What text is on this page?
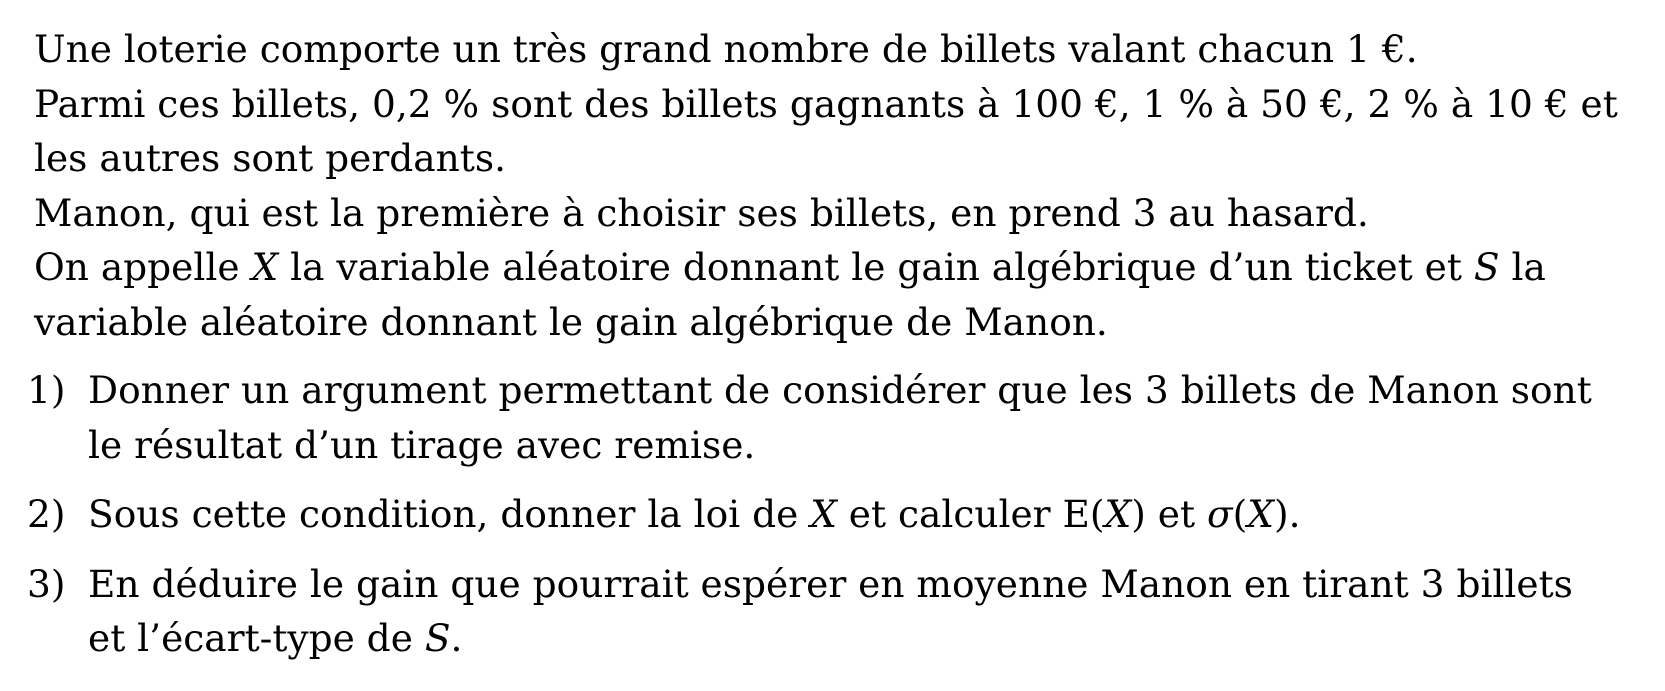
Une loterie comporte un très grand nombre de billets valant chacun 1 €.

Parmi ces billets, 0,2 % sont des billets gagnants à 100 €, 1 % à 50 €, 2 % à 10 € et

les autres sont perdants.

Manon, qui est la première à choisir ses billets, en prend 3 au hasard.

On appelle X la variable aléatoire donnant le gain algébrique d’un ticket et S la

variable aléatoire donnant le gain algébrique de Manon.

1) Donner un argument permettant de considérer que les 3 billets de Manon sont
le résultat d’un tirage avec remise.
2) Sous cette condition, donner la loi de X et calculer E(X) et σ(X).
3) En déduire le gain que pourrait espérer en moyenne Manon en tirant 3 billets
et l’écart-type de S.
